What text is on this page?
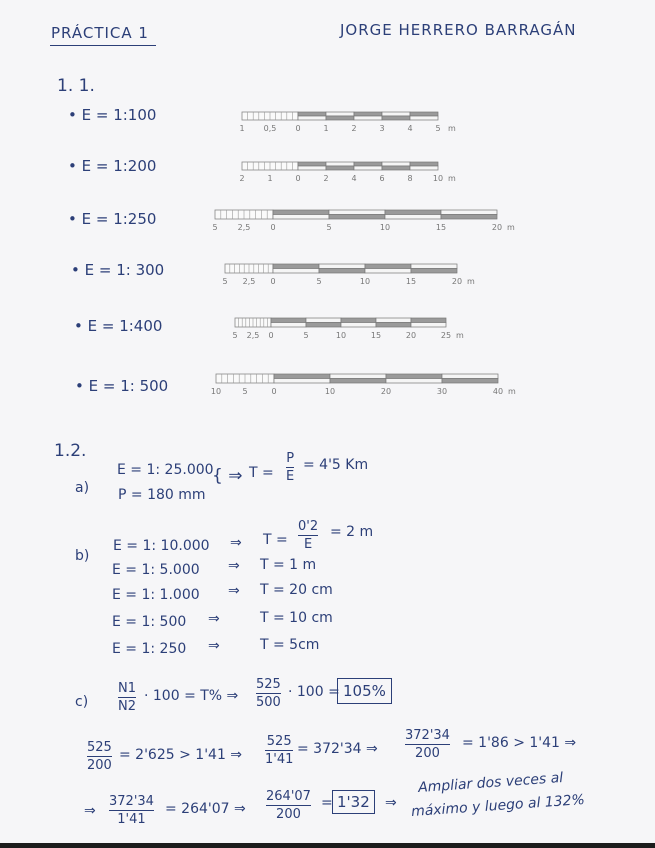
PRÁCTICA 1	JORGE HERRERO BARRAGÁN
1. 1.
• E = 1:100
• E = 1:200
• E = 1:250
• E = 1: 300
• E = 1:400
• E = 1: 500
1 0,5 0	1	2	3	4	5 m
2	1	0	2	4	6	8	10 m
5	2,5	0	5	10	15	20 m
5 2,5 0	5	10	15	20 m
5 2,5 0	5	10	15	20	25 m
10	5	0	10	20	30	40 m
1.2.
a)
E = 1: 25.000
P = 180 mm
{ ⇒ T =
P
E
= 4'5 Km
b)
E = 1: 10.000 ⇒ T =
0'2
E
= 2 m
E = 1: 5.000 ⇒ T = 1 m
E = 1: 1.000 ⇒ T = 20 cm
E = 1: 500 ⇒	T = 10 cm
E = 1: 250 ⇒	T = 5cm
c)
N1
N2
· 100 = T% ⇒
525
500
· 100 = 105%
525
200
= 2'625 > 1'41 ⇒
525
1'41
= 372'34 ⇒
372'34
200
= 1'86 > 1'41 ⇒
⇒
372'34
1'41
= 264'07 ⇒
264'07
200
= 1'32	⇒
Ampliar dos veces al
máximo y luego al 132%
